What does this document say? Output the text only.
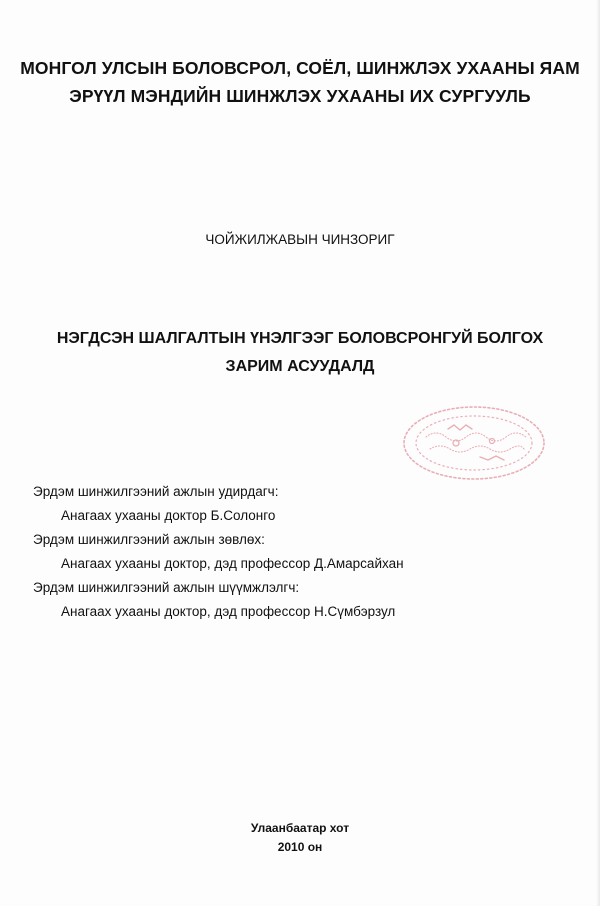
МОНГОЛ УЛСЫН БОЛОВСРОЛ, СОЁЛ, ШИНЖЛЭХ УХААНЫ ЯАМ
ЭРҮҮЛ МЭНДИЙН ШИНЖЛЭХ УХААНЫ ИХ СУРГУУЛЬ
ЧОЙЖИЛЖАВЫН ЧИНЗОРИГ
НЭГДСЭН ШАЛГАЛТЫН ҮНЭЛГЭЭГ БОЛОВСРОНГУЙ БОЛГОХ
ЗАРИМ АСУУДАЛД
Эрдэм шинжилгээний ажлын удирдагч:
Анагаах ухааны доктор Б.Солонго
Эрдэм шинжилгээний ажлын зөвлөх:
Анагаах ухааны доктор, дэд профессор Д.Амарсайхан
Эрдэм шинжилгээний ажлын шүүмжлэлгч:
Анагаах ухааны доктор, дэд профессор Н.Сүмбэрзул
Улаанбаатар хот
2010 он
